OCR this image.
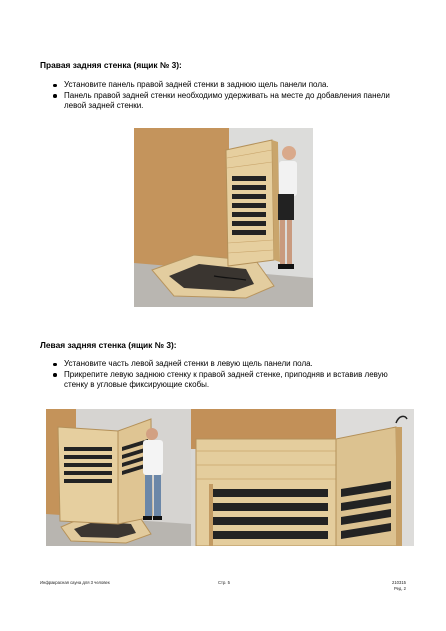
Правая задняя стенка (ящик № 3):
Установите панель правой задней стенки в заднюю щель панели пола.
Панель правой задней стенки необходимо удерживать на месте до добавления панели левой задней стенки.
Левая задняя стенка (ящик № 3):
Установите часть левой задней стенки в левую щель панели пола.
Прикрепите левую заднюю стенку к правой задней стенке, приподняв и вставив левую стенку в угловые фиксирующие скобы.
Инфракрасная сауна для 3 человек	Стр. 5	210315
Ред. 2
